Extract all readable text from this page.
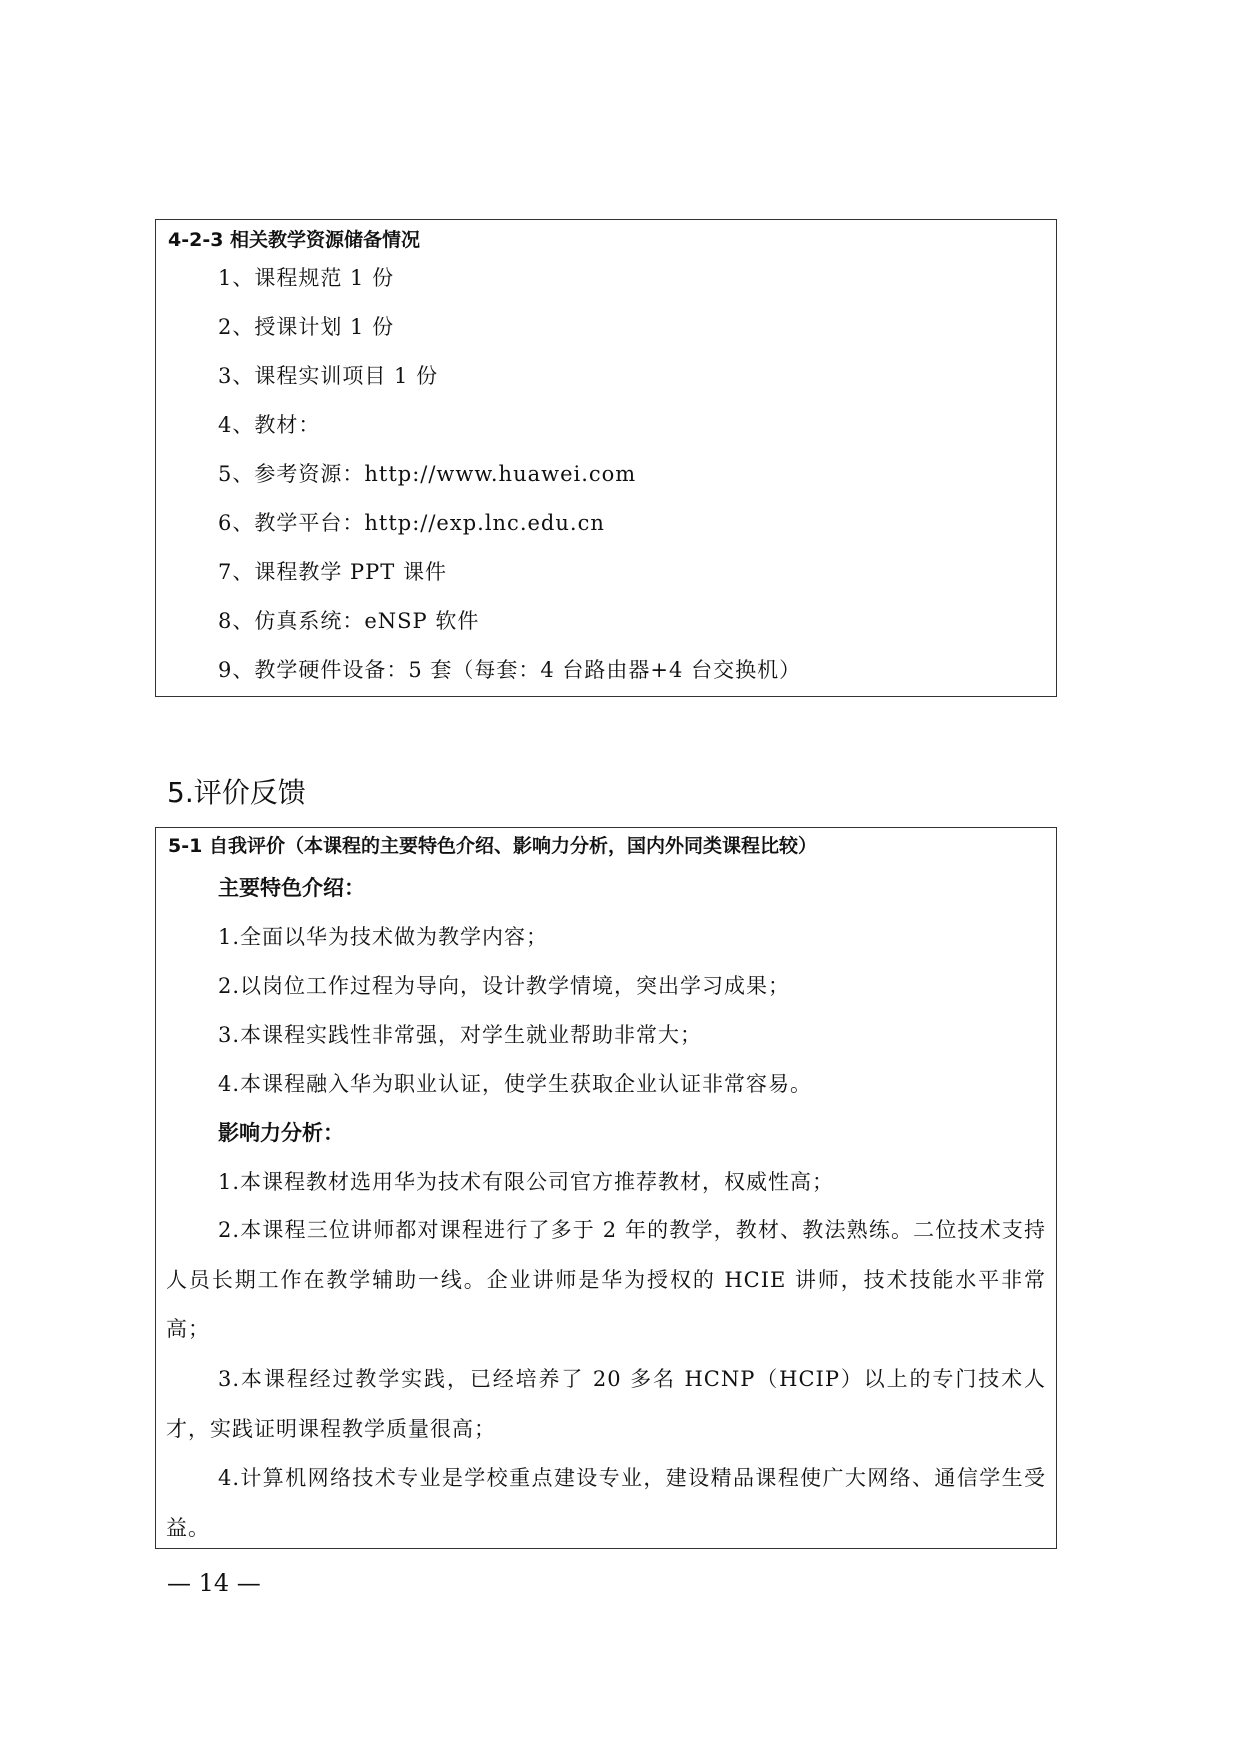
4-2-3 相关教学资源储备情况
1、课程规范 1 份
2、授课计划 1 份
3、课程实训项目 1 份
4、教材：
5、参考资源：http://www.huawei.com
6、教学平台：http://exp.lnc.edu.cn
7、课程教学 PPT 课件
8、仿真系统：eNSP 软件
9、教学硬件设备：5 套（每套：4 台路由器+4 台交换机）
5.评价反馈
5-1 自我评价（本课程的主要特色介绍、影响力分析，国内外同类课程比较）
主要特色介绍：
1.全面以华为技术做为教学内容；
2.以岗位工作过程为导向，设计教学情境，突出学习成果；
3.本课程实践性非常强，对学生就业帮助非常大；
4.本课程融入华为职业认证，使学生获取企业认证非常容易。
影响力分析：
1.本课程教材选用华为技术有限公司官方推荐教材，权威性高；
2.本课程三位讲师都对课程进行了多于 2 年的教学，教材、教法熟练。二位技术支持人员长期工作在教学辅助一线。企业讲师是华为授权的 HCIE 讲师，技术技能水平非常高；
3.本课程经过教学实践，已经培养了 20 多名 HCNP（HCIP）以上的专门技术人才，实践证明课程教学质量很高；
4.计算机网络技术专业是学校重点建设专业，建设精品课程使广大网络、通信学生受益。
— 14 —
